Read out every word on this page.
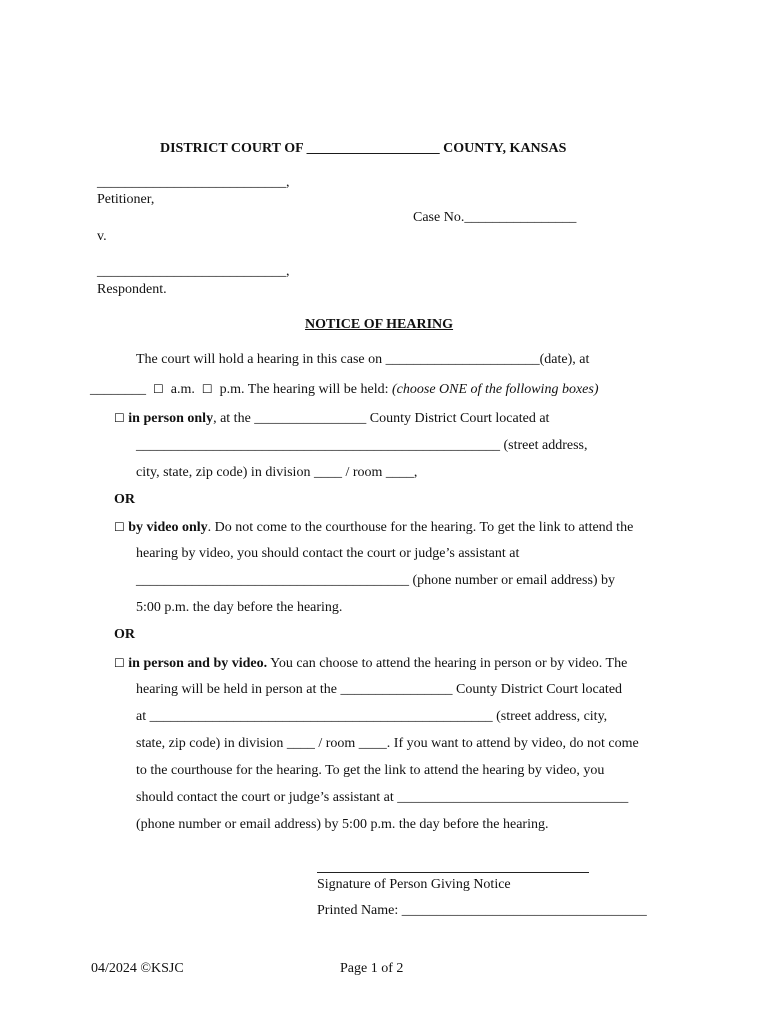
DISTRICT COURT OF ___________________ COUNTY, KANSAS
___________________________,
Petitioner,
Case No.________________
v.
___________________________,
Respondent.
NOTICE OF HEARING
The court will hold a hearing in this case on ______________________(date), at
________ ☐ a.m. ☐ p.m. The hearing will be held: (choose ONE of the following boxes)
☐ in person only, at the ________________ County District Court located at
____________________________________________________ (street address,
city, state, zip code) in division ____ / room ____,
OR
☐ by video only. Do not come to the courthouse for the hearing. To get the link to attend the
hearing by video, you should contact the court or judge’s assistant at
_______________________________________ (phone number or email address) by
5:00 p.m. the day before the hearing.
OR
☐ in person and by video. You can choose to attend the hearing in person or by video. The
hearing will be held in person at the ________________ County District Court located
at _________________________________________________ (street address, city,
state, zip code) in division ____ / room ____. If you want to attend by video, do not come
to the courthouse for the hearing. To get the link to attend the hearing by video, you
should contact the court or judge’s assistant at _________________________________
(phone number or email address) by 5:00 p.m. the day before the hearing.
Signature of Person Giving Notice
Printed Name: ___________________________________
04/2024 ©KSJC	Page 1 of 2
